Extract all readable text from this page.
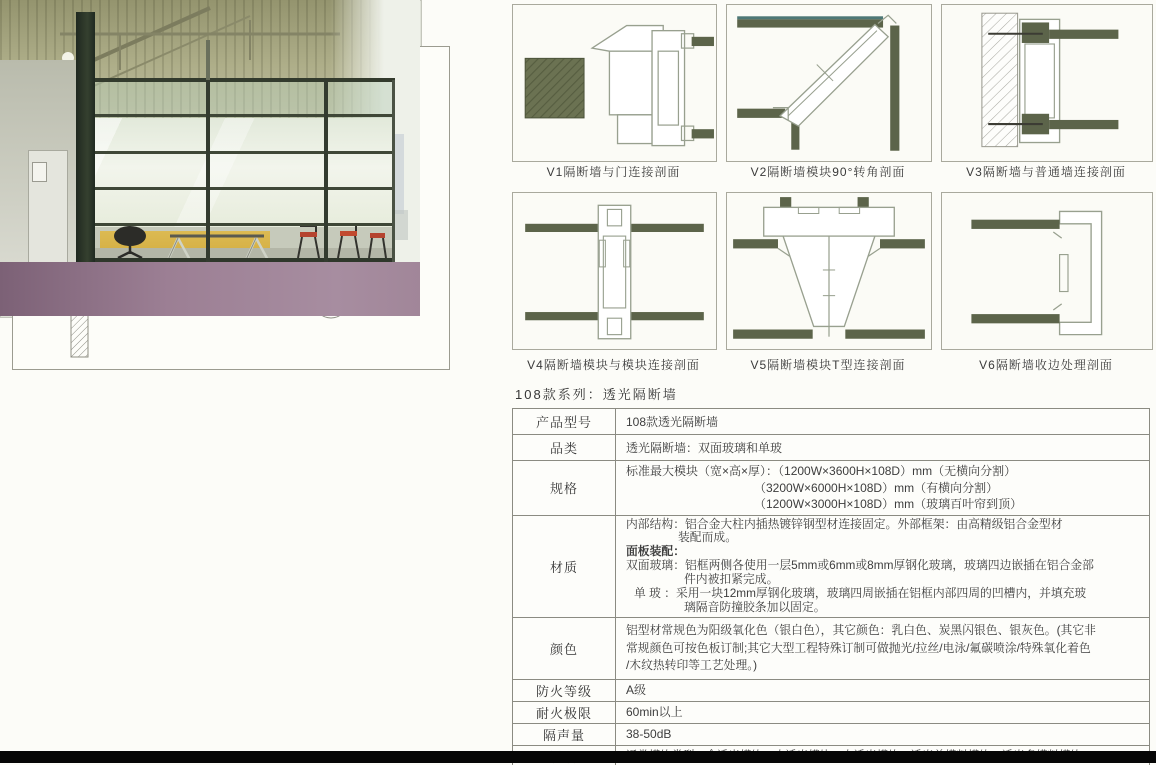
V1隔断墙与门连接剖面	V2隔断墙模块90°转角剖面	V3隔断墙与普通墙连接剖面
V4隔断墙模块与模块连接剖面	V5隔断墙模块T型连接剖面	V6隔断墙收边处理剖面
108款系列：透光隔断墙
产品型号	108款透光隔断墙

品类	透光隔断墙：双面玻璃和单玻

规格	标准最大模块（宽×高×厚）：（1200W×3600H×108D）mm（无横向分割）
（3200W×6000H×108D）mm（有横向分割）
（1200W×3000H×108D）mm（玻璃百叶帘到顶）

材质	
内部结构：铝合金大柱内插热镀锌钢型材连接固定。外部框架：由高精级铝合金型材
装配而成。
面板装配：
双面玻璃：铝框两侧各使用一层5mm或6mm或8mm厚钢化玻璃，玻璃四边嵌插在铝合金部
件内被扣紧完成。
单 玻 ：采用一块12mm厚钢化玻璃，玻璃四周嵌插在铝框内部四周的凹槽内，并填充玻
璃隔音防撞胶条加以固定。

颜色	铝型材常规色为阳级氧化色（银白色），其它颜色：乳白色、炭黑闪银色、银灰色。(其它非
常规颜色可按色板订制;其它大型工程特殊订制可做抛光/拉丝/电泳/氟碳喷涂/特殊氧化着色
/木纹热转印等工艺处理。)

防火等级	A级

耐火极限	60min以上

隔声量	38-50dB
